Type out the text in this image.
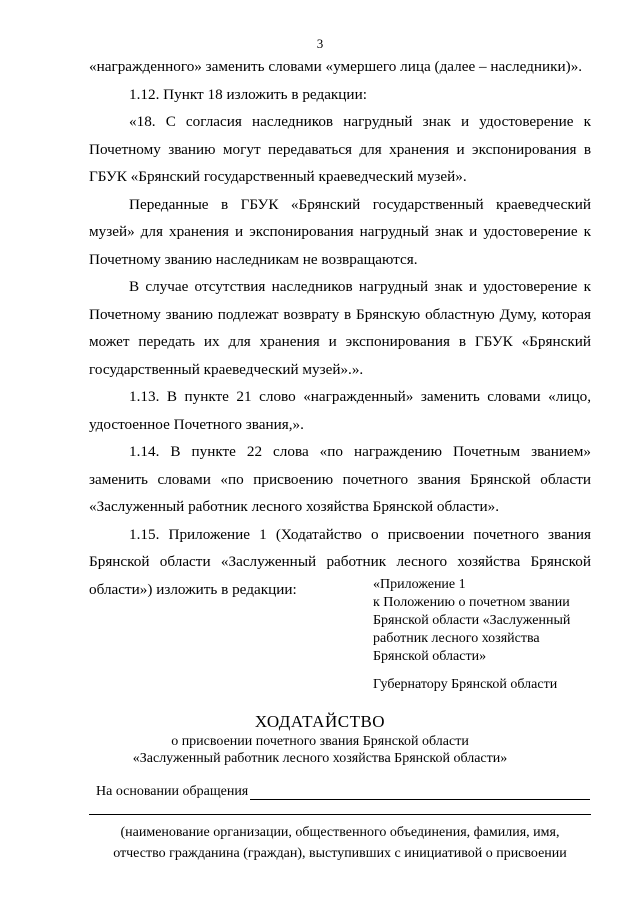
3

«награжденного» заменить словами «умершего лица (далее – наследники)».

1.12. Пункт 18 изложить в редакции:

«18. С согласия наследников нагрудный знак и удостоверение к Почетному званию могут передаваться для хранения и экспонирования в ГБУК «Брянский государственный краеведческий музей».

Переданные в ГБУК «Брянский государственный краеведческий музей» для хранения и экспонирования нагрудный знак и удостоверение к Почетному званию наследникам не возвращаются.

В случае отсутствия наследников нагрудный знак и удостоверение к Почетному званию подлежат возврату в Брянскую областную Думу, которая может передать их для хранения и экспонирования в ГБУК «Брянский государственный краеведческий музей».».

1.13. В пункте 21 слово «награжденный» заменить словами «лицо, удостоенное Почетного звания,».

1.14. В пункте 22 слова «по награждению Почетным званием» заменить словами «по присвоению почетного звания Брянской области «Заслуженный работник лесного хозяйства Брянской области».

1.15. Приложение 1 (Ходатайство о присвоении почетного звания Брянской области «Заслуженный работник лесного хозяйства Брянской области») изложить в редакции:	«Приложение 1
к Положению о почетном звании
Брянской области «Заслуженный
работник лесного хозяйства
Брянской области»
Губернатору Брянской области
ХОДАТАЙСТВО
о присвоении почетного звания Брянской области
«Заслуженный работник лесного хозяйства Брянской области»
На основании обращения
(наименование организации, общественного объединения, фамилия, имя,
отчество гражданина (граждан), выступивших с инициативой о присвоении
